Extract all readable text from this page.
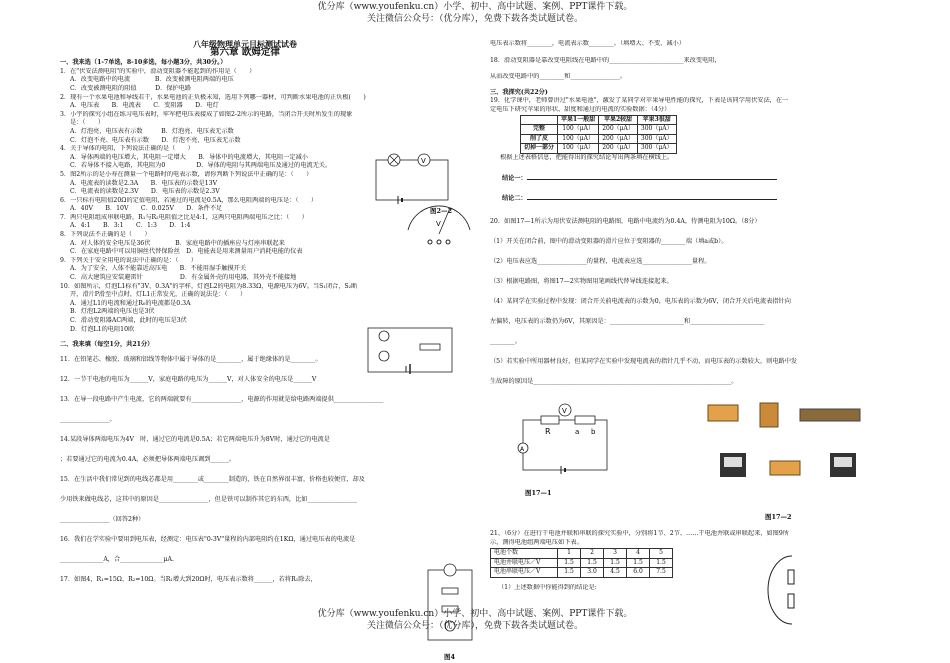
优分库（www.youfenku.cn）小学、初中、高中试题、案例、PPT课件下载。
关注微信公众号：（优分库），免费下载各类试题试卷。
八年级物理单元目标测试试卷
第六章 欧姆定律
一、我来选（1-7单选，8-10多选，每小题3分，共30分。）

1．在"伏安法测电阻"的实验中，滑动变阻器不能起到的作用是（　　）

A．改变电路中的电流　　　　B．改变被测电阻两端的电压

C．改变被测电阻的阻值　　　D．保护电路

2．现有一个水果电池和导线若干，水果电池的正负极未知，选用下列哪一器材，可判断水果电池的正负极(　　)

A．电压表　　B．电流表　　C．变阻器　　D．电灯

3．小宇的探究小组在练习电压表时，牢军把电压表接成了如图2-2所示的电路，当闭合开关时所发生的现象

是：（　　）

A．灯泡亮，电压表有示数　　　B．灯泡亮、电压表无示数

C．灯泡不亮、电压表有示数　　D．灯泡不亮、电压表无示数

4．关于导体的电阻，下列说法正确的是（　　）

A．导体两端的电压增大，其电阻一定增大　　B．导体中的电流增大，其电阻一定减小

C．若导体不接入电路，其电阻为0　　　　　D．导体的电阻与其两端电压及通过的电流无关。

5．图2所示的是小寿在测量一个电路时的电表示数，请你判断下列说法中正确的是：（　　）

A．电流表的读数是2.3A　　B．电压表的示数是13V

C．电流表的读数是2.3V　　D．电压表的示数是2.3V

6．一只标有电阻值20Ω的定值电阻，若通过的电流是0.5A，那么电阻两端的电压是：（　　）

A．40V　　B．10V　　C．0.025V　　D．条件不足

7．两只电阻组成串联电路，R₁与R₂电阻值之比是4:1，这两只电阻两端电压之比：（　　）

A．4:1　　B．3:1　　C．1:3　　D．1:4

8．下列说法不正确的是（　　）

A．对人体的安全电压是36伏　　　　B．家庭电路中的插座应与灯座串联起来

C．在家庭电路中可以用铜丝代替保险丝　D．电能表是用来测量用户消耗电能的仪表

9．下列关于安全用电的说法中正确的是：（　　）

A．为了安全，人体不能靠近高压电　　B．不能用湿手触摸开关

C．高大建筑应安装避雷针　　　　　　D．有金属外壳的用电器，其外壳不能接地

10．如图所示，灯泡L1标有"3V、0.3A"的字样，灯泡L2的电阻为8.33Ω，电源电压为6V。当S₁闭合，S₂断

开，滑片P滑至中点时，灯L1正常发光，正确的说法是：（　　）

A．通过L1的电流和通过R₀的电流都是0.3A

B．灯泡L2两端的电压也是3伏

C．滑动变阻器AC两端，此时的电压是3伏

D．灯泡L1的电阻10欧

二、我来填（每空1分，共21分）

11．在铅笔芯、橡胶、玻璃和铝线等物体中属于导体的是________，属于绝缘体的是________。

12．一节干电池的电压为______V，家庭电路的电压为______V，对人体安全的电压是______V

13．在导一段电路中产生电流，它的两端就要有________________，电源的作用就是给电路两端提供________________

________________。

14.某段导体两端电压为4V　时，通过它的电流是0.5A；若它两端电压升为8V时，通过它的电流是

；若要通过它的电流为0.4A，必须把导体两端电压调到______。

15．在生活中我们常见到的电线芯都是用________或________制造的，铁在自然界很丰富，价格也较便宜，却及

少用铁来做电线芯，这其中的原因是________________，但是铁可以制作其它的东西，比如________________

________________（回答2种）

16．我们在学实验中要用到电压表，经测定：电压表"0-3V"量程的内部电阻约在1KΩ，通过电压表的电流是

______________A，合______________μA.

17．如图4，R₁=15Ω、R₂=10Ω。当R₁增大到20Ω时，电压表示数将______，若将R₁除去，

V
图2—2
V
图4

电压表示数将________，电流表示数________。（填增大、不变、减小）

18．滑动变阻器是靠改变电阻线在电路中的________________________来改变电阻，

从而改变电路中的________和________________。

三、我探究(共22分)

19．化学课中，老师曾讲过"水果电池"，激发了某同学对苹果导电性能的探究，下表是该同学用伏安法，在一

定电压下研究苹果的形状、甜度和通过的电流的实验数据：（4分）

	苹果1一般甜	苹果2较甜	苹果3很甜
完整	100（μA）	200（μA）	300（μA）
削了皮	100（μA）	200（μA）	300（μA）
切掉一部分	100（μA）	200（μA）	300（μA）

根据上述表格信息，把能得出的探究结论写出两条填在横线上。

结论一：

结论二：

20．如图17—1所示为用伏安法测电阻的电路图，电路中电流约为0.4A，待测电阻为10Ω。（8分）

（1）开关在闭合前，图中的滑动变阻器的滑片应位于变阻器的________端（填a或b）。

（2）电压表应选________________的量程，电流表应选________________量程。

（3）根据电路图，将图17—2实物图用笔画线代替导线连接起来。

（4）某同学在实验过程中发现：闭合开关前电流表的示数为0，电压表的示数为6V，闭合开关后电流表指针向

左偏转，电压表的示数仍为6V，其原因是：________________________和________________________

________。

（5）若实验中所用器材良好，但某同学在实验中发现电流表的指针几乎不动，而电压表的示数较大，则电路中发

生故障的原因是________________________________________________________________。

V
R	a b
A
图17—1
图17—2

21、（6分）在进行干电池并联和串联的探究实验中，分别将1节、2节、……干电池并联或串联起来，如图9所

示，测得电池组两端电压如下表。

电池个数	1	2	3	4	5
电池并联电压／V	1.5	1.5	1.5	1.5	1.5
电池串联电压／V	1.5	3.0	4.5	6.0	7.5

（1）上述数据中你能得到的结论是:

优分库（www.youfenku.cn）小学、初中、高中试题、案例、PPT课件下载。
关注微信公众号：（优分库），免费下载各类试题试卷。
